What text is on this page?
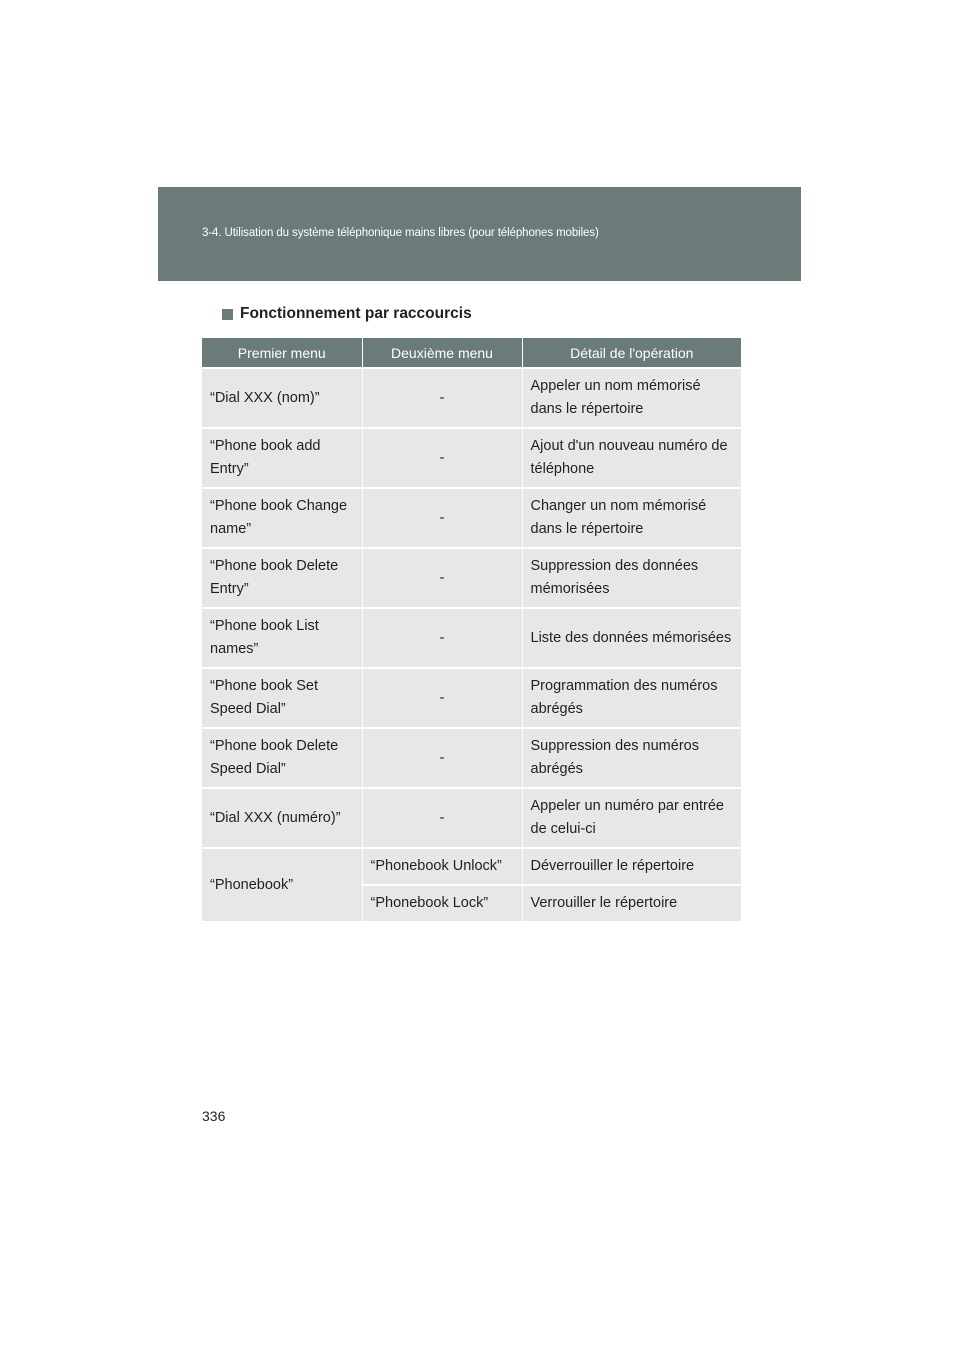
3-4. Utilisation du système téléphonique mains libres (pour téléphones mobiles)
Fonctionnement par raccourcis
Premier menu	Deuxième menu	Détail de l'opération
“Dial XXX (nom)”	-	Appeler un nom mémorisé dans le répertoire
“Phone book add Entry”	-	Ajout d'un nouveau numéro de téléphone
“Phone book Change name”	-	Changer un nom mémorisé dans le répertoire
“Phone book Delete Entry”	-	Suppression des données mémorisées
“Phone book List names”	-	Liste des données mémorisées
“Phone book Set Speed Dial”	-	Programmation des numéros abrégés
“Phone book Delete Speed Dial”	-	Suppression des numéros abrégés
“Dial XXX (numéro)”	-	Appeler un numéro par entrée de celui-ci
“Phonebook”	“Phonebook Unlock”	Déverrouiller le répertoire
	“Phonebook Lock”	Verrouiller le répertoire
336
